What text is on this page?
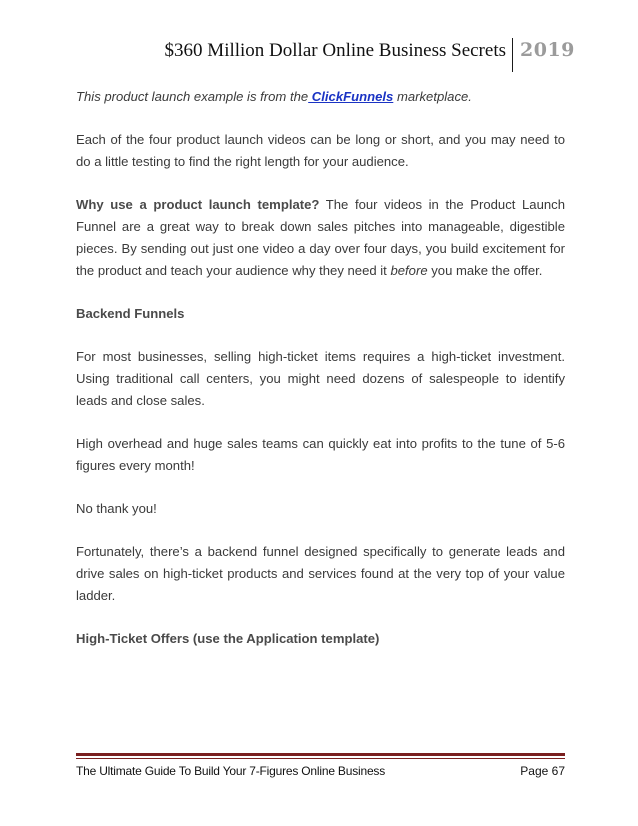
$360 Million Dollar Online Business Secrets 2019

This product launch example is from the ClickFunnels marketplace.

Each of the four product launch videos can be long or short, and you may need to do a little testing to find the right length for your audience.

Why use a product launch template? The four videos in the Product Launch Funnel are a great way to break down sales pitches into manageable, digestible pieces. By sending out just one video a day over four days, you build excitement for the product and teach your audience why they need it before you make the offer.

Backend Funnels

For most businesses, selling high-ticket items requires a high-ticket investment. Using traditional call centers, you might need dozens of salespeople to identify leads and close sales.

High overhead and huge sales teams can quickly eat into profits to the tune of 5-6 figures every month!

No thank you!

Fortunately, there’s a backend funnel designed specifically to generate leads and drive sales on high-ticket products and services found at the very top of your value ladder.

High-Ticket Offers (use the Application template)

The Ultimate Guide To Build Your 7-Figures Online Business	Page 67
